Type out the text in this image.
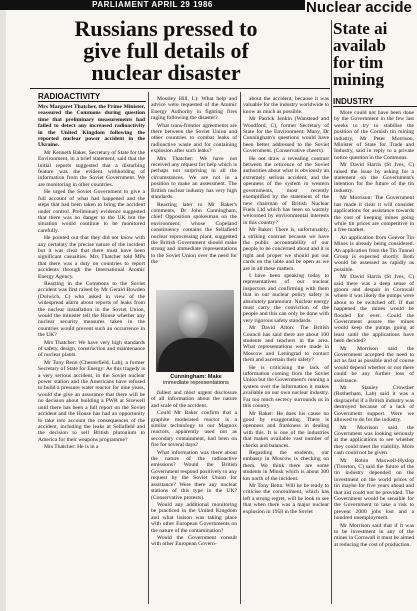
PARLIAMENT APRIL 29 1986	Nuclear accide
Russians pressed to
give full details of
nuclear disaster
State ai
availab
for tim
mining
RADIOACTIVITY
INDUSTRY

Mrs Margaret Thatcher, the Prime Minister, reassured the Commons during question time that preliminary measurements had failed to detect any increased radioactivity in the United Kingdom following the reported nuclear power accident in the Ukraine.

Mr Kenneth Baker, Secretary of State for the Environment, in a brief statement, said that the initial reports suggested that a disturbing feature was the evident withholding of information from the Soviet Government. We are monitoring in other countries.

He urged the Soviet Government to give a full account of what had happened and the steps that had been taken to bring the accident under control. Preliminary evidence suggested that there was no danger to the UK but the situation would continue to be monitored carefully.

He pointed out that they did not know with any certainty the precise nature of the incident but it was clear that there must have been significant casualties. Mrs Thatcher told MPs that there was a duty on countries to report accidents through the International Atomic Energy Agency.

Reacting in the Commons to the Soviet accident was first raised by Mr Gerald Bowden (Dulwich, C) who asked in view of the widespread alarm about reports of leaks from the nuclear installation in the Soviet Union, would the minister tell the House whether any nuclear security measures taken in the countries would prevent such an occurrence in the UK?

Mrs Thatcher: We have very high standards of safety, design, construction and maintenance of nuclear plants.

Mr Tony Benn (Chesterfield, Lab), a former Secretary of State for Energy: As this tragedy is a very serious accident, in the Soviet nuclear power station and the Americans have refused to build a pressure water reactor for nine years, would she give an assurance that there will be no decision about building a PWR at Sizewell until there has been a full report on the Soviet accident and the House has had an opportunity to take into account the consequences of the accident, including the leaks at Sellafield and the decision to sell British plutonium to America for their weapons programme?

Mrs Thatcher: He is in a

Mossley Hill, L): What help and advice were requested of the Atomic Energy Authority in fighting fires raging following the disaster?

What trans-frontier agreements are there between the Soviet Union and other countries to combat leaks of radioactive waste and for containing explosion after such leaks?

Mrs Thatcher: We have not received any request for help which is perhaps not surprising in all the circumstances. We are not in a position to make an assessment. The British nuclear industry has very high standards.

Reacting later to Mr Baker's comments, Dr John Cunningham, chief Opposition spokesman on the environment, whose Copeland constituency contains the Sellafield nuclear reprocessing plant, suggested the British Government should make strong and immediate representations to the Soviet Union over the need for the

Cunningham: Make
immediate representations

fullest and most urgent disclosure of all information about the nature and scale of the accident.

Could Mr Baker confirm that a graphite moderated reactor is a similar technology to our Magnox reactors, apparently used not as secondary containment, had been on fire for several days?

What information was there about the nature of the radioactive emissions? Would the British Government respond positively to any request by the Soviet Union for assistance? Were there any nuclear stations of this type in the UK? (Conservative protests).

Would any additional monitoring be practiced in the United Kingdom and what liaison was taking place with other European Governments on the nature of the contamination?

Would the Government consult with other European Govern-

about the accident, because it was valuable for the industry worldwide to know as much as possible.

Mr Patrick Jenkin (Wanstead and Woodford, C), former Secretary of State for the Environment: Many, Dr Cunningham's questions would have been better addressed to the Soviet Government. (Conservative cheers).

He not draw a revealing contrast between the reticence of the Soviet authorities about what is obviously an extremely serious accident, and the openness of the system in western governments, most recently exemplified by the statement of the new chairman of British Nuclear Fuels Ltd which has been so warmly welcomed by environmental interests in this country?

Mr Baker: There is, unfortunately, a striking contrast because we have the public accountability of our people to be concerned about and it is right and proper we should put our cards on the table and be open as we are in all these matters.

I have been speaking today to representatives of our nuclear inspectors and confirming with them that in our nuclear policy safety is absolutely paramount. Nuclear energy must carry the conviction of the people and this can only be done with very rigorous safety standards.

Mr David Alton: The British Council has said there are about 100 students and teachers in the area. What representations were made in Moscow and Leningrad to contact them and ascertain their safety?

He is criticising the lack of information coming from the Soviet Union but the Government's running a system over the information it makes available on our own nuclear industry. Far too much secrecy surrounds us in this country.

Mr Baker: He does his cause no good by exaggerating. There is openness and frankness in dealing with this. It is one of the industries that makes available vast number of checks and balances.

Regarding the students, our embassy in Moscow is checking on them. We think there are some students in Minsk which is about 300 km north of the incident.

Mr Tony Benn: Will he be ready to criticise the concealment, which has left a strong regret, will he look to see that when there was a major nuclear explosion in 1958 in the Soviet

More could not have been done by the Government in the few last weeks to try to stabilise the position of the Cornish tin mining industry, Mr Peter Morrison, Minister of State for Trade and Industry, said in reply to a private notice question in the Commons.

Mr David Harris (St Ives, C) raised the issue by asking for a statement on the Government's intention for the future of the tin industry.

Mr Morrison: The Government has made it clear it will consider applications for assistance towards the cost of keeping mines going while tin prices are competitive in a free market.

An application from Geevor Tin Mines is already being considered. An application from the Tin Tunnel Group is expected shortly. Both would be assessed as rapidly as possible.

Mr David Harris (St Ives, C) said there was a deep sense of gloom and despair in Cornwall where it was likely the pumps were about to be switched off. If that happened the mines would be flooded for ever. Could the Government assure the mines would keep the pumps going at least until the applications have been decided?

Mr Morrison said the Government accepted the need to act as fast as possible and of course would depend whether or not there could be any further loss of assistance.

Mr Stanley Crowther (Rotherham, Lab) said it was a disgraceful if a British industry was destroyed because of a lack of Government support. Were we allowed to do for the industry.

Mr Morrison said the Government was looking seriously at the applications to see whether they could meet the viability. More cash could not be given.

Mr Robin Maxwell-Hyslop (Tiverton, C) said the future of the tin industry depended on the investment on the world prices of tin maybe for five years ahead and that aid could not be provided. The Government would be sensible for the Government to take a risk to prevent 2000 jobs lost and a hundred unemployment.

Mr Morrison said that if it was to be investment in any of the mines in Cornwall it must be aimed at reducing the cost of production.
